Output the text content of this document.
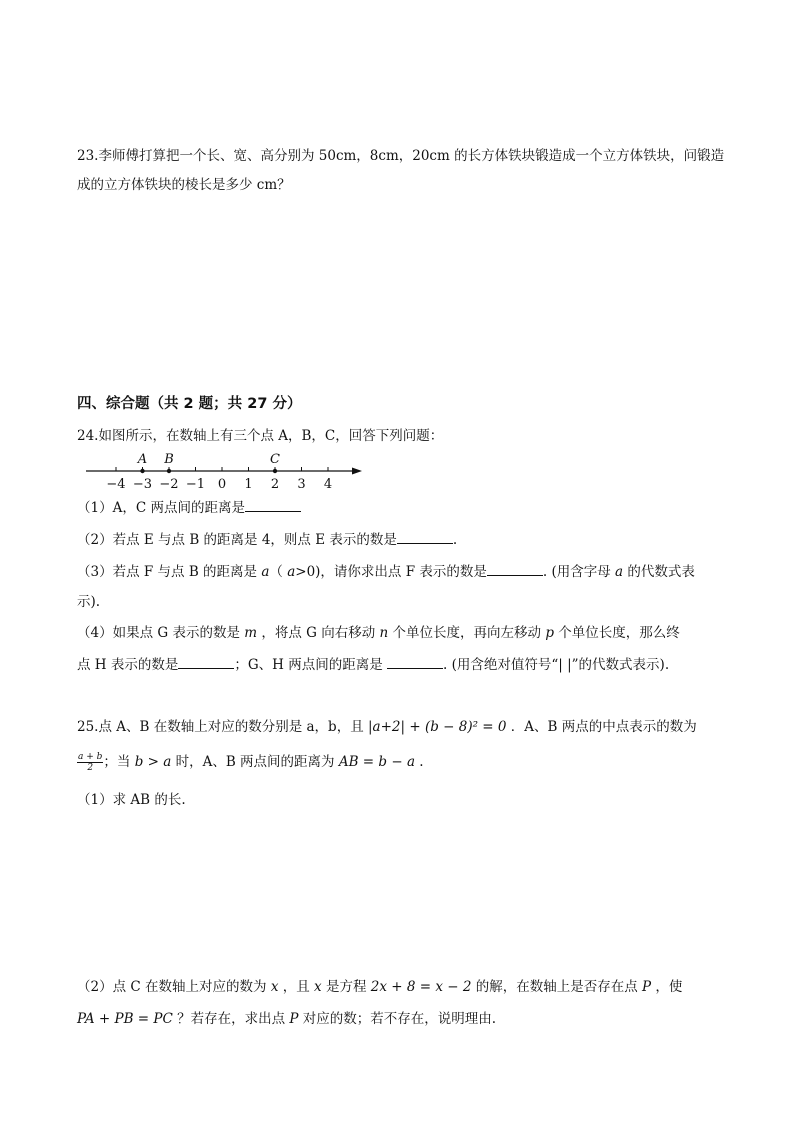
23.李师傅打算把一个长、宽、高分别为 50cm，8cm，20cm 的长方体铁块锻造成一个立方体铁块，问锻造
成的立方体铁块的棱长是多少 cm？
四、综合题（共 2 题；共 27 分）
24.如图所示，在数轴上有三个点 A，B，C，回答下列问题：
−4 −3 −2 −1 0 1 2 3 4
A B	C
（1）A，C 两点间的距离是
（2）若点 E 与点 B 的距离是 4，则点 E 表示的数是	.
（3）若点 F 与点 B 的距离是 a（ a>0)，请你求出点 F 表示的数是	. (用含字母 a 的代数式表
示).
（4）如果点 G 表示的数是 m ，将点 G 向右移动 n 个单位长度，再向左移动 p 个单位长度，那么终
点 H 表示的数是	；G、H 两点间的距离是	. (用含绝对值符号“| |”的代数式表示).
25.点 A、B 在数轴上对应的数分别是 a，b，且 |a+2| + (b − 8)² = 0 ．A、B 两点的中点表示的数为
$\frac{a + b}{2}$ ；当 b > a 时，A、B 两点间的距离为 AB = b − a .
（1）求 AB 的长.
（2）点 C 在数轴上对应的数为 x ，且 x 是方程 2x + 8 = x − 2 的解，在数轴上是否存在点 P ，使
PA + PB = PC ？若存在，求出点 P 对应的数；若不存在，说明理由.
